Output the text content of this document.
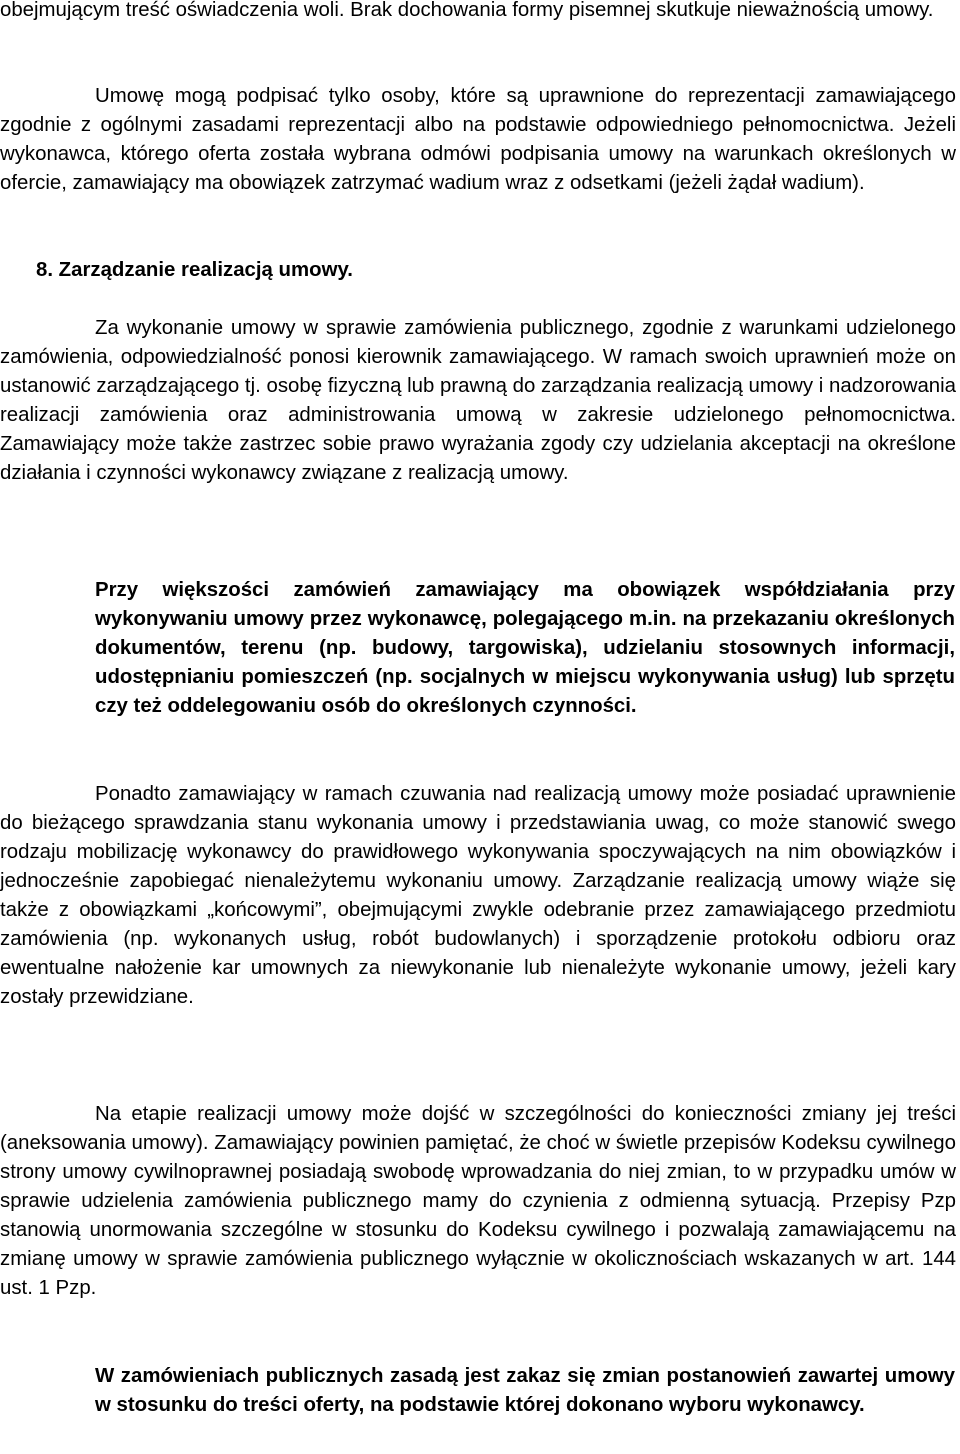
obejmującym treść oświadczenia woli. Brak dochowania formy pisemnej skutkuje nieważnością umowy.

Umowę mogą podpisać tylko osoby, które są uprawnione do reprezentacji zamawiającego zgodnie z ogólnymi zasadami reprezentacji albo na podstawie odpowiedniego pełnomocnictwa. Jeżeli wykonawca, którego oferta została wybrana odmówi podpisania umowy na warunkach określonych w ofercie, zamawiający ma obowiązek zatrzymać wadium wraz z odsetkami (jeżeli żądał wadium).

8. Zarządzanie realizacją umowy.

Za wykonanie umowy w sprawie zamówienia publicznego, zgodnie z warunkami udzielonego zamówienia, odpowiedzialność ponosi kierownik zamawiającego. W ramach swoich uprawnień może on ustanowić zarządzającego tj. osobę fizyczną lub prawną do zarządzania realizacją umowy i nadzorowania realizacji zamówienia oraz administrowania umową w zakresie udzielonego pełnomocnictwa. Zamawiający może także zastrzec sobie prawo wyrażania zgody czy udzielania akceptacji na określone działania i czynności wykonawcy związane z realizacją umowy.

Przy większości zamówień zamawiający ma obowiązek współdziałania przy wykonywaniu umowy przez wykonawcę, polegającego m.in. na przekazaniu określonych dokumentów, terenu (np. budowy, targowiska), udzielaniu stosownych informacji, udostępnianiu pomieszczeń (np. socjalnych w miejscu wykonywania usług) lub sprzętu czy też oddelegowaniu osób do określonych czynności.

Ponadto zamawiający w ramach czuwania nad realizacją umowy może posiadać uprawnienie do bieżącego sprawdzania stanu wykonania umowy i przedstawiania uwag, co może stanowić swego rodzaju mobilizację wykonawcy do prawidłowego wykonywania spoczywających na nim obowiązków i jednocześnie zapobiegać nienależytemu wykonaniu umowy. Zarządzanie realizacją umowy wiąże się także z obowiązkami „końcowymi”, obejmującymi zwykle odebranie przez zamawiającego przedmiotu zamówienia (np. wykonanych usług, robót budowlanych) i sporządzenie protokołu odbioru oraz ewentualne nałożenie kar umownych za niewykonanie lub nienależyte wykonanie umowy, jeżeli kary zostały przewidziane.

Na etapie realizacji umowy może dojść w szczególności do konieczności zmiany jej treści (aneksowania umowy). Zamawiający powinien pamiętać, że choć w świetle przepisów Kodeksu cywilnego strony umowy cywilnoprawnej posiadają swobodę wprowadzania do niej zmian, to w przypadku umów w sprawie udzielenia zamówienia publicznego mamy do czynienia z odmienną sytuacją. Przepisy Pzp stanowią unormowania szczególne w stosunku do Kodeksu cywilnego i pozwalają zamawiającemu na zmianę umowy w sprawie zamówienia publicznego wyłącznie w okolicznościach wskazanych w art. 144 ust. 1 Pzp.

W zamówieniach publicznych zasadą jest zakaz się zmian postanowień zawartej umowy w stosunku do treści oferty, na podstawie której dokonano wyboru wykonawcy.
